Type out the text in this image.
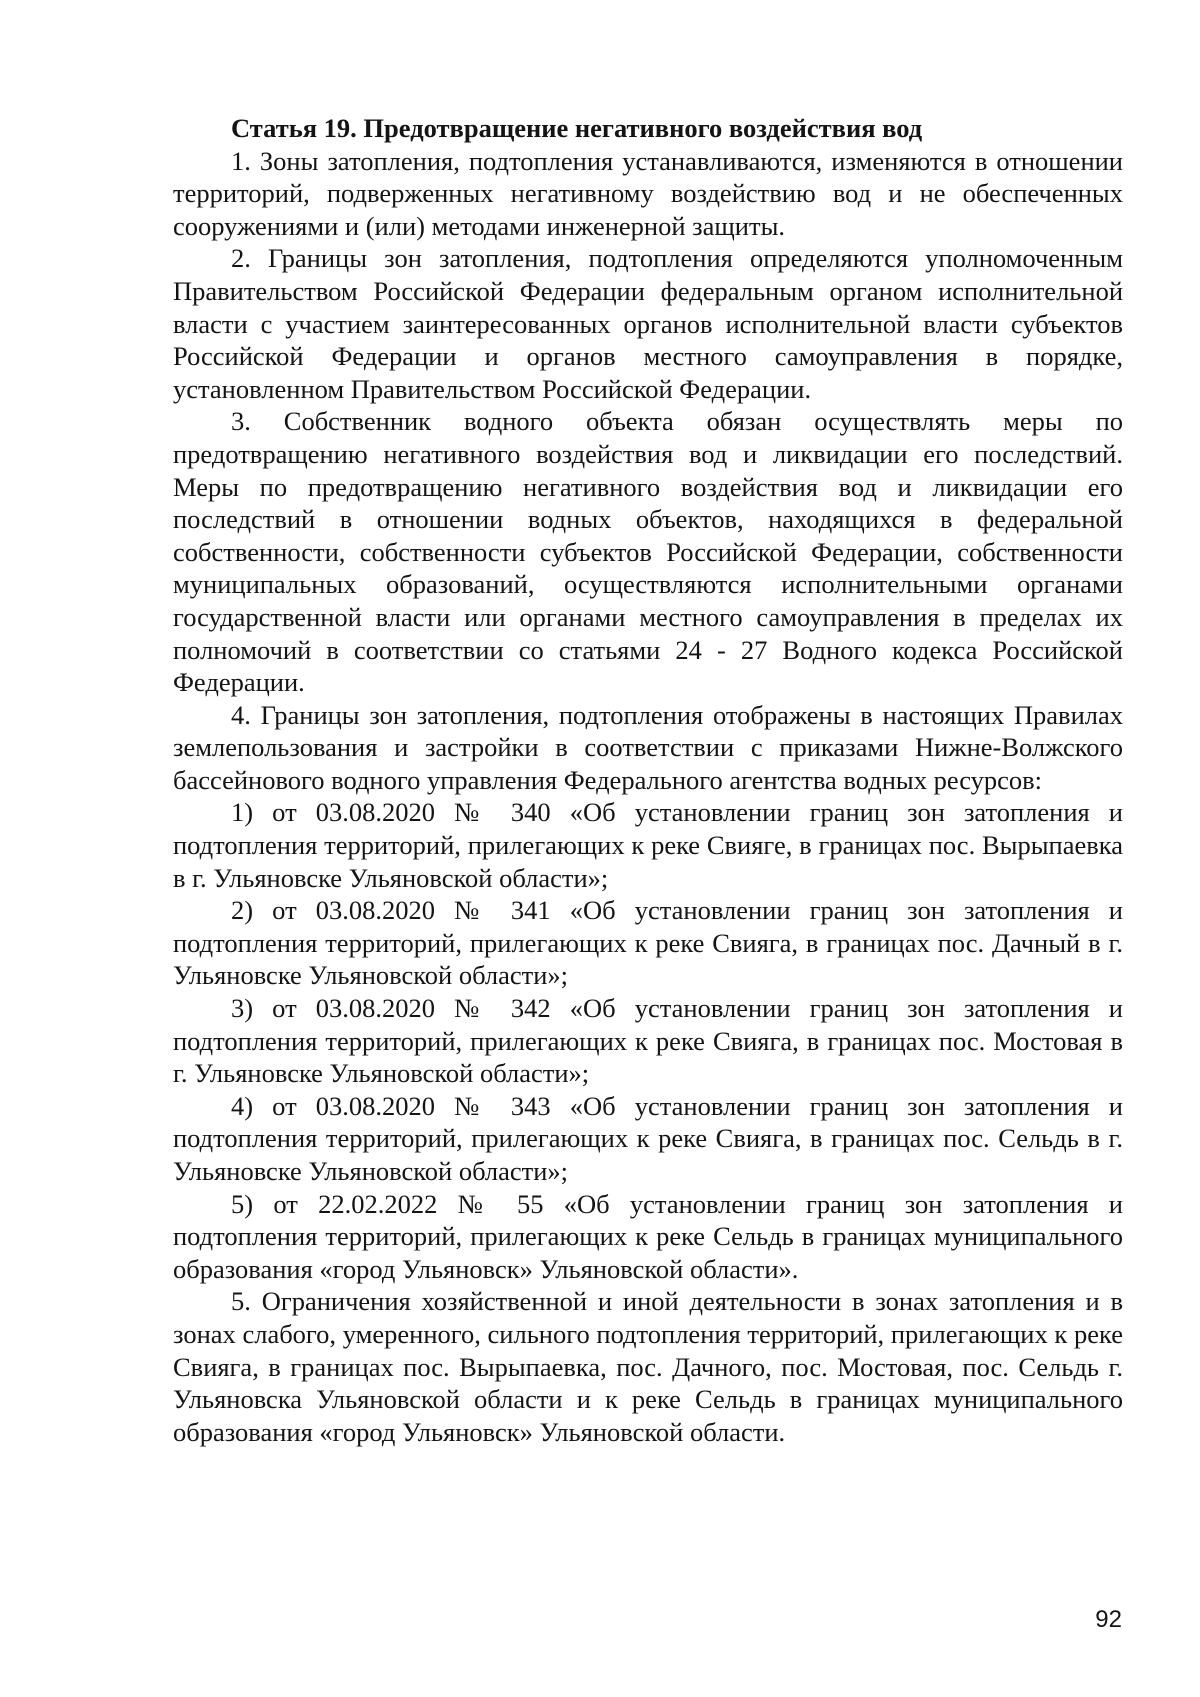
Статья 19. Предотвращение негативного воздействия вод

1. Зоны затопления, подтопления устанавливаются, изменяются в отношении территорий, подверженных негативному воздействию вод и не обеспеченных сооружениями и (или) методами инженерной защиты.

2. Границы зон затопления, подтопления определяются уполномоченным Правительством Российской Федерации федеральным органом исполнительной власти с участием заинтересованных органов исполнительной власти субъектов Российской Федерации и органов местного самоуправления в порядке, установленном Правительством Российской Федерации.

3. Собственник водного объекта обязан осуществлять меры по предотвращению негативного воздействия вод и ликвидации его последствий. Меры по предотвращению негативного воздействия вод и ликвидации его последствий в отношении водных объектов, находящихся в федеральной собственности, собственности субъектов Российской Федерации, собственности муниципальных образований, осуществляются исполнительными органами государственной власти или органами местного самоуправления в пределах их полномочий в соответствии со статьями 24 - 27 Водного кодекса Российской Федерации.

4. Границы зон затопления, подтопления отображены в настоящих Правилах землепользования и застройки в соответствии с приказами Нижне-Волжского бассейнового водного управления Федерального агентства водных ресурсов:

1) от 03.08.2020 № 340 «Об установлении границ зон затопления и подтопления территорий, прилегающих к реке Свияге, в границах пос. Вырыпаевка в г. Ульяновске Ульяновской области»;

2) от 03.08.2020 № 341 «Об установлении границ зон затопления и подтопления территорий, прилегающих к реке Свияга, в границах пос. Дачный в г. Ульяновске Ульяновской области»;

3) от 03.08.2020 № 342 «Об установлении границ зон затопления и подтопления территорий, прилегающих к реке Свияга, в границах пос. Мостовая в г. Ульяновске Ульяновской области»;

4) от 03.08.2020 № 343 «Об установлении границ зон затопления и подтопления территорий, прилегающих к реке Свияга, в границах пос. Сельдь в г. Ульяновске Ульяновской области»;

5) от 22.02.2022 № 55 «Об установлении границ зон затопления и подтопления территорий, прилегающих к реке Сельдь в границах муниципального образования «город Ульяновск» Ульяновской области».

5. Ограничения хозяйственной и иной деятельности в зонах затопления и в зонах слабого, умеренного, сильного подтопления территорий, прилегающих к реке Свияга, в границах пос. Вырыпаевка, пос. Дачного, пос. Мостовая, пос. Сельдь г. Ульяновска Ульяновской области и к реке Сельдь в границах муниципального образования «город Ульяновск» Ульяновской области.

92
